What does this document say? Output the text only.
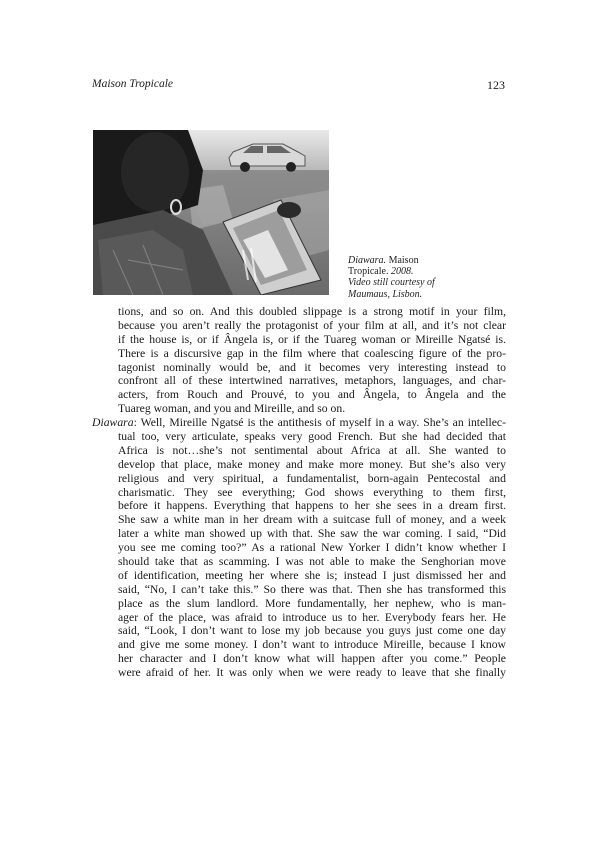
Maison Tropicale	123
Diawara. Maison
Tropicale. 2008.
Video still courtesy of
Maumaus, Lisbon.
tions, and so on. And this doubled slippage is a strong motif in your film,
because you aren’t really the protagonist of your film at all, and it’s not clear
if the house is, or if Ângela is, or if the Tuareg woman or Mireille Ngatsé is.
There is a discursive gap in the film where that coalescing figure of the pro-
tagonist nominally would be, and it becomes very interesting instead to
confront all of these intertwined narratives, metaphors, languages, and char-
acters, from Rouch and Prouvé, to you and Ângela, to Ângela and the
Tuareg woman, and you and Mireille, and so on.
Diawara: Well, Mireille Ngatsé is the antithesis of myself in a way. She’s an intellec-
tual too, very articulate, speaks very good French. But she had decided that
Africa is not…she’s not sentimental about Africa at all. She wanted to
develop that place, make money and make more money. But she’s also very
religious and very spiritual, a fundamentalist, born-again Pentecostal and
charismatic. They see everything; God shows everything to them first,
before it happens. Everything that happens to her she sees in a dream first.
She saw a white man in her dream with a suitcase full of money, and a week
later a white man showed up with that. She saw the war coming. I said, “Did
you see me coming too?” As a rational New Yorker I didn’t know whether I
should take that as scamming. I was not able to make the Senghorian move
of identification, meeting her where she is; instead I just dismissed her and
said, “No, I can’t take this.” So there was that. Then she has transformed this
place as the slum landlord. More fundamentally, her nephew, who is man-
ager of the place, was afraid to introduce us to her. Everybody fears her. He
said, “Look, I don’t want to lose my job because you guys just come one day
and give me some money. I don’t want to introduce Mireille, because I know
her character and I don’t know what will happen after you come.” People
were afraid of her. It was only when we were ready to leave that she finally
